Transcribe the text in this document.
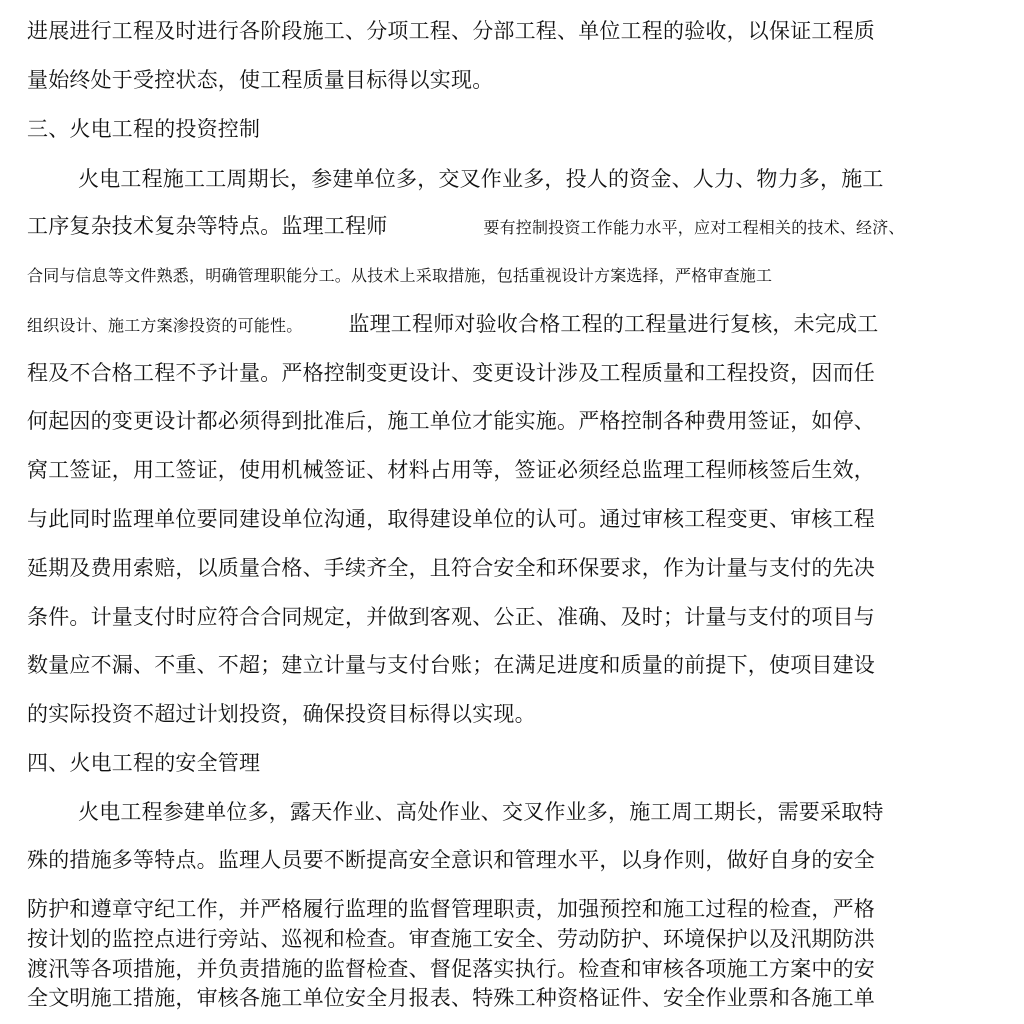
进展进行工程及时进行各阶段施工、分项工程、分部工程、单位工程的验收，以保证工程质
量始终处于受控状态，使工程质量目标得以实现。
三、火电工程的投资控制
火电工程施工工周期长，参建单位多，交叉作业多，投人的资金、人力、物力多，施工
工序复杂技术复杂等特点。监理工程师	要有控制投资工作能力水平，应对工程相关的技术、经济、
合同与信息等文件熟悉，明确管理职能分工。从技术上采取措施，包括重视设计方案选择，严格审查施工
组织设计、施工方案渗投资的可能性。 监理工程师对验收合格工程的工程量进行复核，未完成工
程及不合格工程不予计量。严格控制变更设计、变更设计涉及工程质量和工程投资，因而任
何起因的变更设计都必须得到批准后，施工单位才能实施。严格控制各种费用签证，如停、
窝工签证，用工签证，使用机械签证、材料占用等，签证必须经总监理工程师核签后生效，
与此同时监理单位要同建设单位沟通，取得建设单位的认可。通过审核工程变更、审核工程
延期及费用索赔，以质量合格、手续齐全，且符合安全和环保要求，作为计量与支付的先决
条件。计量支付时应符合合同规定，并做到客观、公正、准确、及时；计量与支付的项目与
数量应不漏、不重、不超；建立计量与支付台账；在满足进度和质量的前提下，使项目建设
的实际投资不超过计划投资，确保投资目标得以实现。
四、火电工程的安全管理
火电工程参建单位多，露天作业、高处作业、交叉作业多，施工周工期长，需要采取特
殊的措施多等特点。监理人员要不断提高安全意识和管理水平，以身作则，做好自身的安全
防护和遵章守纪工作，并严格履行监理的监督管理职责，加强预控和施工过程的检查，严格
按计划的监控点进行旁站、巡视和检查。审查施工安全、劳动防护、环境保护以及汛期防洪
渡汛等各项措施，并负责措施的监督检查、督促落实执行。检查和审核各项施工方案中的安
全文明施工措施，审核各施工单位安全月报表、特殊工种资格证件、安全作业票和各施工单
